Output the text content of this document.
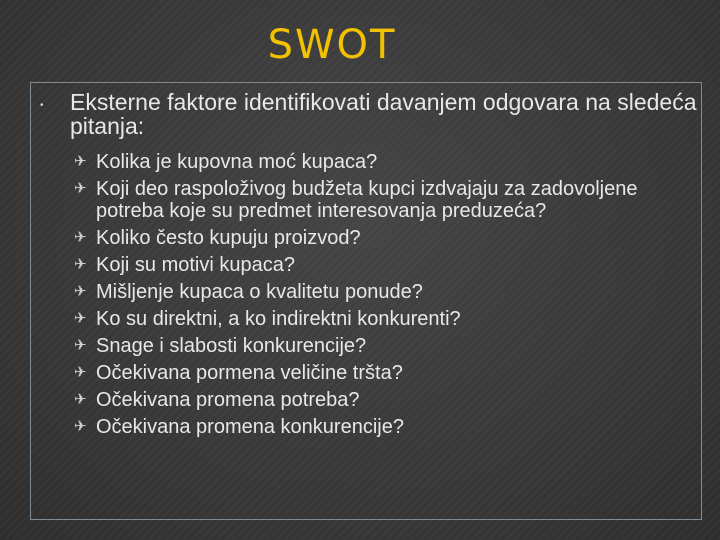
SWOT
• Eksterne faktore identifikovati davanjem odgovara na sledeća pitanja:
✈ Kolika je kupovna moć kupaca?
✈ Koji deo raspoloživog budžeta kupci izdvajaju za zadovoljene potreba koje su predmet interesovanja preduzeća?
✈ Koliko često kupuju proizvod?
✈ Koji su motivi kupaca?
✈ Mišljenje kupaca o kvalitetu ponude?
✈ Ko su direktni, a ko indirektni konkurenti?
✈ Snage i slabosti konkurencije?
✈ Očekivana pormena veličine tršta?
✈ Očekivana promena potreba?
✈ Očekivana promena konkurencije?
